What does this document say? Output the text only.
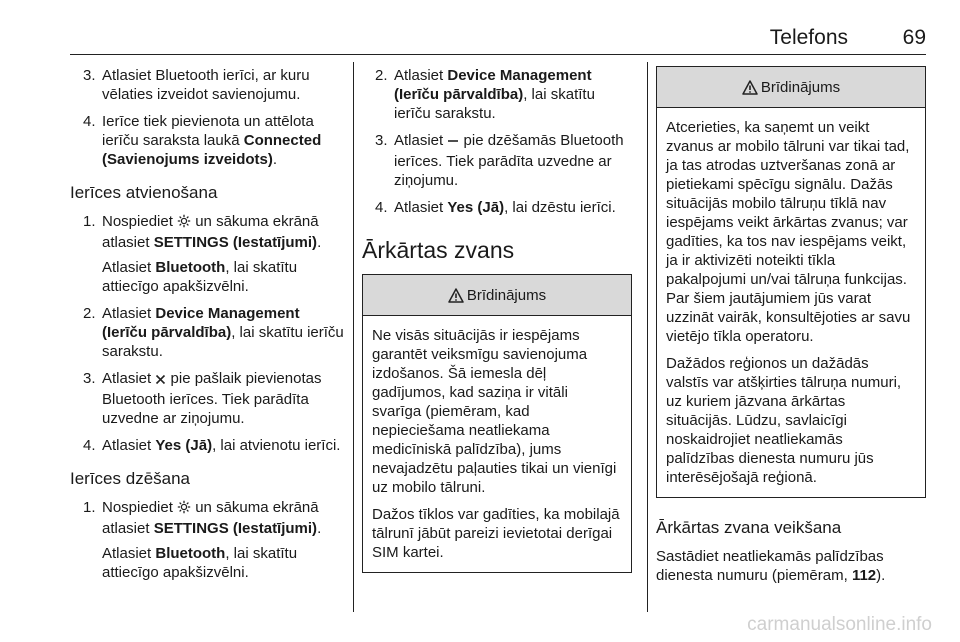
Telefons	69
3. Atlasiet Bluetooth ierīci, ar kuru vēlaties izveidot savienojumu.

4. Ierīce tiek pievienota un attēlota ierīču saraksta laukā Connected (Savienojums izveidots).

Ierīces atvienošana
1. Nospiediet  un sākuma ekrānā atlasiet SETTINGS (Iestatījumi).

Atlasiet Bluetooth, lai skatītu attiecīgo apakšizvēlni.

2. Atlasiet Device Management (Ierīču pārvaldība), lai skatītu ierīču sarakstu.

3. Atlasiet  pie pašlaik pievienotas Bluetooth ierīces. Tiek parādīta uzvedne ar ziņojumu.

4. Atlasiet Yes (Jā), lai atvienotu ierīci.

Ierīces dzēšana
1. Nospiediet  un sākuma ekrānā atlasiet SETTINGS (Iestatījumi).

Atlasiet Bluetooth, lai skatītu attiecīgo apakšizvēlni.

2. Atlasiet Device Management (Ierīču pārvaldība), lai skatītu ierīču sarakstu.

3. Atlasiet  pie dzēšamās Bluetooth ierīces. Tiek parādīta uzvedne ar ziņojumu.

4. Atlasiet Yes (Jā), lai dzēstu ierīci.

Ārkārtas zvans
Brīdinājums

Ne visās situācijās ir iespējams garantēt veiksmīgu savienojuma izdošanos. Šā iemesla dēļ gadījumos, kad saziņa ir vitāli svarīga (piemēram, kad nepieciešama neatliekama medicīniskā palīdzība), jums nevajadzētu paļauties tikai un vienīgi uz mobilo tālruni.

Dažos tīklos var gadīties, ka mobilajā tālrunī jābūt pareizi ievietotai derīgai SIM kartei.

Brīdinājums

Atcerieties, ka saņemt un veikt zvanus ar mobilo tālruni var tikai tad, ja tas atrodas uztveršanas zonā ar pietiekami spēcīgu signālu. Dažās situācijās mobilo tālruņu tīklā nav iespējams veikt ārkārtas zvanus; var gadīties, ka tos nav iespējams veikt, ja ir aktivizēti noteikti tīkla pakalpojumi un/vai tālruņa funkcijas. Par šiem jautājumiem jūs varat uzzināt vairāk, konsultējoties ar savu vietējo tīkla operatoru.

Dažādos reģionos un dažādās valstīs var atšķirties tālruņa numuri, uz kuriem jāzvana ārkārtas situācijās. Lūdzu, savlaicīgi noskaidrojiet neatliekamās palīdzības dienesta numuru jūs interēsējošajā reģionā.

Ārkārtas zvana veikšana

Sastādiet neatliekamās palīdzības dienesta numuru (piemēram, 112).

carmanualsonline.info
